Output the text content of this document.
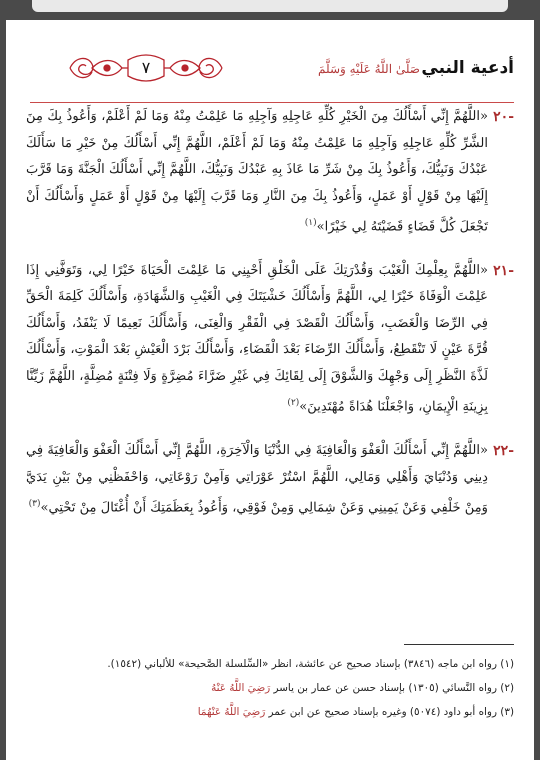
أدعية النبي
صَلَّىٰ اللَّهُ عَلَيْهِ وَسَلَّمَ
٧
-٢٠
«اللَّهُمَّ إِنِّي أَسْأَلُكَ مِنَ الْخَيْرِ كُلِّهِ عَاجِلِهِ وَآجِلِهِ مَا عَلِمْتُ مِنْهُ وَمَا لَمْ أَعْلَمْ، وَأَعُوذُ بِكَ مِنَ الشَّرِّ كُلِّهِ عَاجِلِهِ وَآجِلِهِ مَا عَلِمْتُ مِنْهُ وَمَا لَمْ أَعْلَمْ، اللَّهُمَّ إِنِّي أَسْأَلُكَ مِنْ خَيْرِ مَا سَأَلَكَ عَبْدُكَ وَنَبِيُّكَ، وَأَعُوذُ بِكَ مِنْ شَرِّ مَا عَاذَ بِهِ عَبْدُكَ وَنَبِيُّكَ، اللَّهُمَّ إِنِّي أَسْأَلُكَ الْجَنَّةَ وَمَا قَرَّبَ إِلَيْهَا مِنْ قَوْلٍ أَوْ عَمَلٍ، وَأَعُوذُ بِكَ مِنَ النَّارِ وَمَا قَرَّبَ إِلَيْهَا مِنْ قَوْلٍ أَوْ عَمَلٍ وَأَسْأَلُكَ أَنْ تَجْعَلَ كُلَّ قَضَاءٍ قَضَيْتَهُ لِي خَيْرًا»$^{(١)}$
-٢١
«اللَّهُمَّ بِعِلْمِكَ الْغَيْبَ وَقُدْرَتِكَ عَلَى الْخَلْقِ أَحْيِنِي مَا عَلِمْتَ الْحَيَاةَ خَيْرًا لِي، وَتَوَفَّنِي إِذَا عَلِمْتَ الْوَفَاةَ خَيْرًا لِي، اللَّهُمَّ وَأَسْأَلُكَ خَشْيَتَكَ فِي الْغَيْبِ وَالشَّهَادَةِ، وَأَسْأَلُكَ كَلِمَةَ الْحَقِّ فِي الرِّضَا وَالْغَضَبِ، وَأَسْأَلُكَ الْقَصْدَ فِي الْفَقْرِ وَالْغِنَى، وَأَسْأَلُكَ نَعِيمًا لَا يَنْفَدُ، وَأَسْأَلُكَ قُرَّةَ عَيْنٍ لَا تَنْقَطِعُ، وَأَسْأَلُكَ الرِّضَاءَ بَعْدَ الْقَضَاءِ، وَأَسْأَلُكَ بَرْدَ الْعَيْشِ بَعْدَ الْمَوْتِ، وَأَسْأَلُكَ لَذَّةَ النَّظَرِ إِلَى وَجْهِكَ وَالشَّوْقَ إِلَى لِقَائِكَ فِي غَيْرِ ضَرَّاءَ مُضِرَّةٍ وَلَا فِتْنَةٍ مُضِلَّةٍ، اللَّهُمَّ زَيِّنَّا بِزِينَةِ الْإِيمَانِ، وَاجْعَلْنَا هُدَاةً مُهْتَدِينَ»$^{(٢)}$
-٢٢
«اللَّهُمَّ إِنِّي أَسْأَلُكَ الْعَفْوَ وَالْعَافِيَةَ فِي الدُّنْيَا وَالْآخِرَةِ، اللَّهُمَّ إِنِّي أَسْأَلُكَ الْعَفْوَ وَالْعَافِيَةَ فِي دِينِي وَدُنْيَايَ وَأَهْلِي وَمَالِي، اللَّهُمَّ اسْتُرْ عَوْرَاتِي وَآمِنْ رَوْعَاتِي، وَاحْفَظْنِي مِنْ بَيْنِ يَدَيَّ وَمِنْ خَلْفِي وَعَنْ يَمِينِي وَعَنْ شِمَالِي وَمِنْ فَوْقِي، وَأَعُوذُ بِعَظَمَتِكَ أَنْ أُغْتَالَ مِنْ تَحْتِي»$^{(٣)}$
(١) رواه ابن ماجه (٣٨٤٦) بإسناد صحيح عن عائشة، انظر «السِّلسلة الصَّحيحة» للألباني (١٥٤٢).
(٢) رواه النَّسائي (١٣٠٥) بإسناد حسن عن عمار بن ياسر رَضِيَ اللَّهُ عَنْهُ
(٣) رواه أبو داود (٥٠٧٤) وغيره بإسناد صحيح عن ابن عمر رَضِيَ اللَّهُ عَنْهُمَا
